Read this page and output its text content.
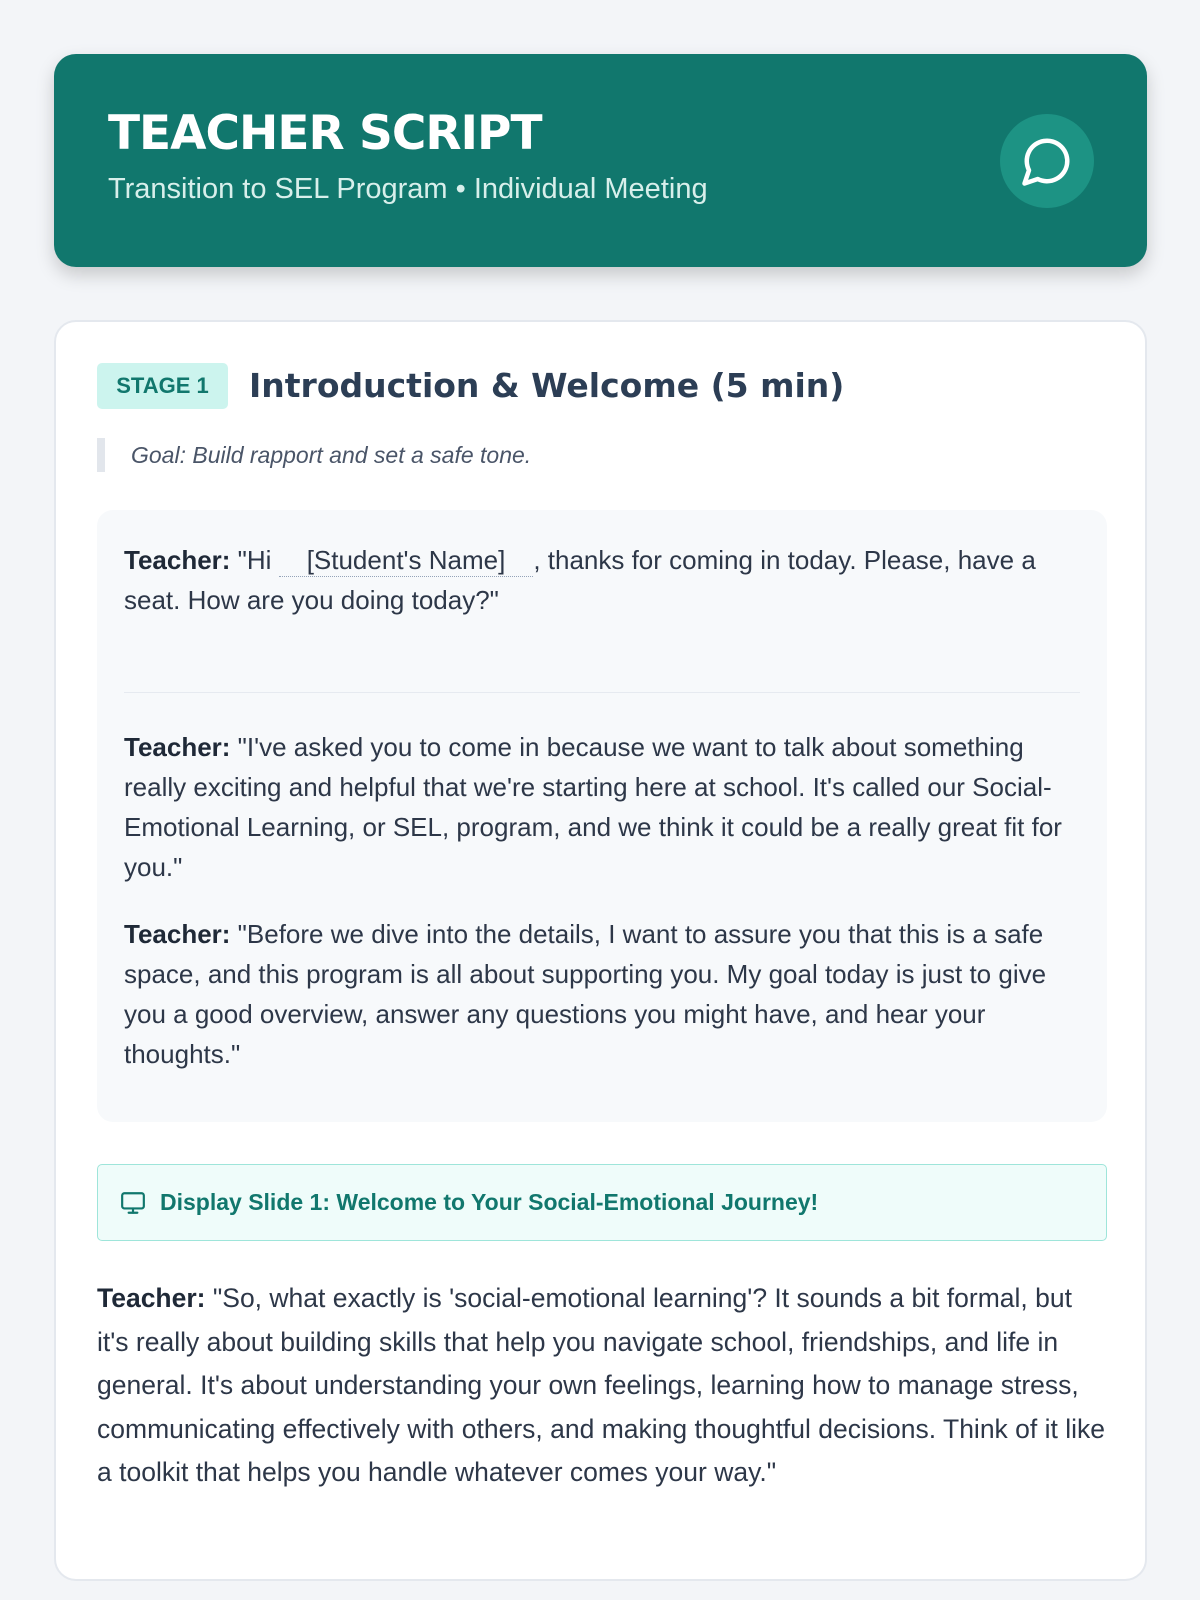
TEACHER SCRIPT
Transition to SEL Program • Individual Meeting
STAGE 1	Introduction & Welcome (5 min)
Goal: Build rapport and set a safe tone.
Teacher: "Hi [Student's Name] , thanks for coming in today. Please, have a seat. How are you doing today?"
Teacher: "I've asked you to come in because we want to talk about something really exciting and helpful that we're starting here at school. It's called our Social-Emotional Learning, or SEL, program, and we think it could be a really great fit for you."
Teacher: "Before we dive into the details, I want to assure you that this is a safe space, and this program is all about supporting you. My goal today is just to give you a good overview, answer any questions you might have, and hear your thoughts."
Display Slide 1: Welcome to Your Social-Emotional Journey!
Teacher: "So, what exactly is 'social-emotional learning'? It sounds a bit formal, but it's really about building skills that help you navigate school, friendships, and life in general. It's about understanding your own feelings, learning how to manage stress, communicating effectively with others, and making thoughtful decisions. Think of it like a toolkit that helps you handle whatever comes your way."
